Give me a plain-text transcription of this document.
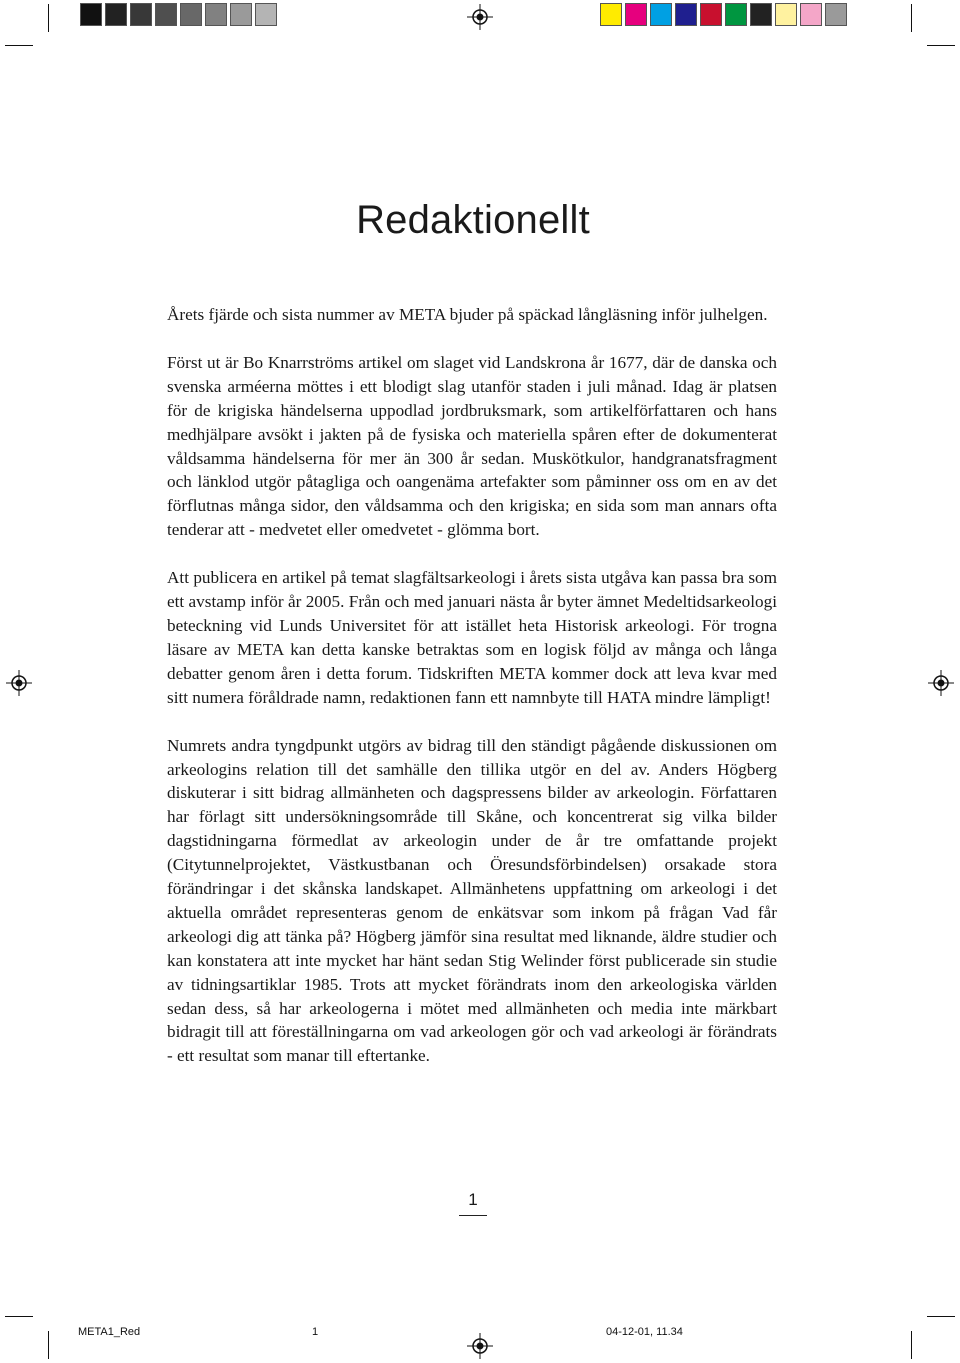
Redaktionellt

Årets fjärde och sista nummer av META bjuder på späckad långläsning inför julhelgen.

Först ut är Bo Knarrströms artikel om slaget vid Landskrona år 1677, där de danska och svenska arméerna möttes i ett blodigt slag utanför staden i juli månad. Idag är platsen för de krigiska händelserna uppodlad jordbruksmark, som artikelförfattaren och hans medhjälpare avsökt i jakten på de fysiska och materiella spåren efter de dokumenterat våldsamma händelserna för mer än 300 år sedan. Muskötkulor, handgranatsfragment och länklod utgör påtagliga och oangenäma artefakter som påminner oss om en av det förflutnas många sidor, den våldsamma och den krigiska; en sida som man annars ofta tenderar att - medvetet eller omedvetet - glömma bort.

Att publicera en artikel på temat slagfältsarkeologi i årets sista utgåva kan passa bra som ett avstamp inför år 2005. Från och med januari nästa år byter ämnet Medeltidsarkeologi beteckning vid Lunds Universitet för att istället heta Historisk arkeologi. För trogna läsare av META kan detta kanske betraktas som en logisk följd av många och långa debatter genom åren i detta forum. Tidskriften META kommer dock att leva kvar med sitt numera föråldrade namn, redaktionen fann ett namnbyte till HATA mindre lämpligt!

Numrets andra tyngdpunkt utgörs av bidrag till den ständigt pågående diskussionen om arkeologins relation till det samhälle den tillika utgör en del av. Anders Högberg diskuterar i sitt bidrag allmänheten och dagspressens bilder av arkeologin. Författaren har förlagt sitt undersökningsområde till Skåne, och koncentrerat sig vilka bilder dagstidningarna förmedlat av arkeologin under de år tre omfattande projekt (Citytunnelprojektet, Västkustbanan och Öresundsförbindelsen) orsakade stora förändringar i det skånska landskapet. Allmänhetens uppfattning om arkeologi i det aktuella området representeras genom de enkätsvar som inkom på frågan Vad får arkeologi dig att tänka på? Högberg jämför sina resultat med liknande, äldre studier och kan konstatera att inte mycket har hänt sedan Stig Welinder först publicerade sin studie av tidningsartiklar 1985. Trots att mycket förändrats inom den arkeologiska världen sedan dess, så har arkeologerna i mötet med allmänheten och media inte märkbart bidragit till att föreställningarna om vad arkeologen gör och vad arkeologi är förändrats - ett resultat som manar till eftertanke.

1
META1_Red	1	04-12-01, 11.34
